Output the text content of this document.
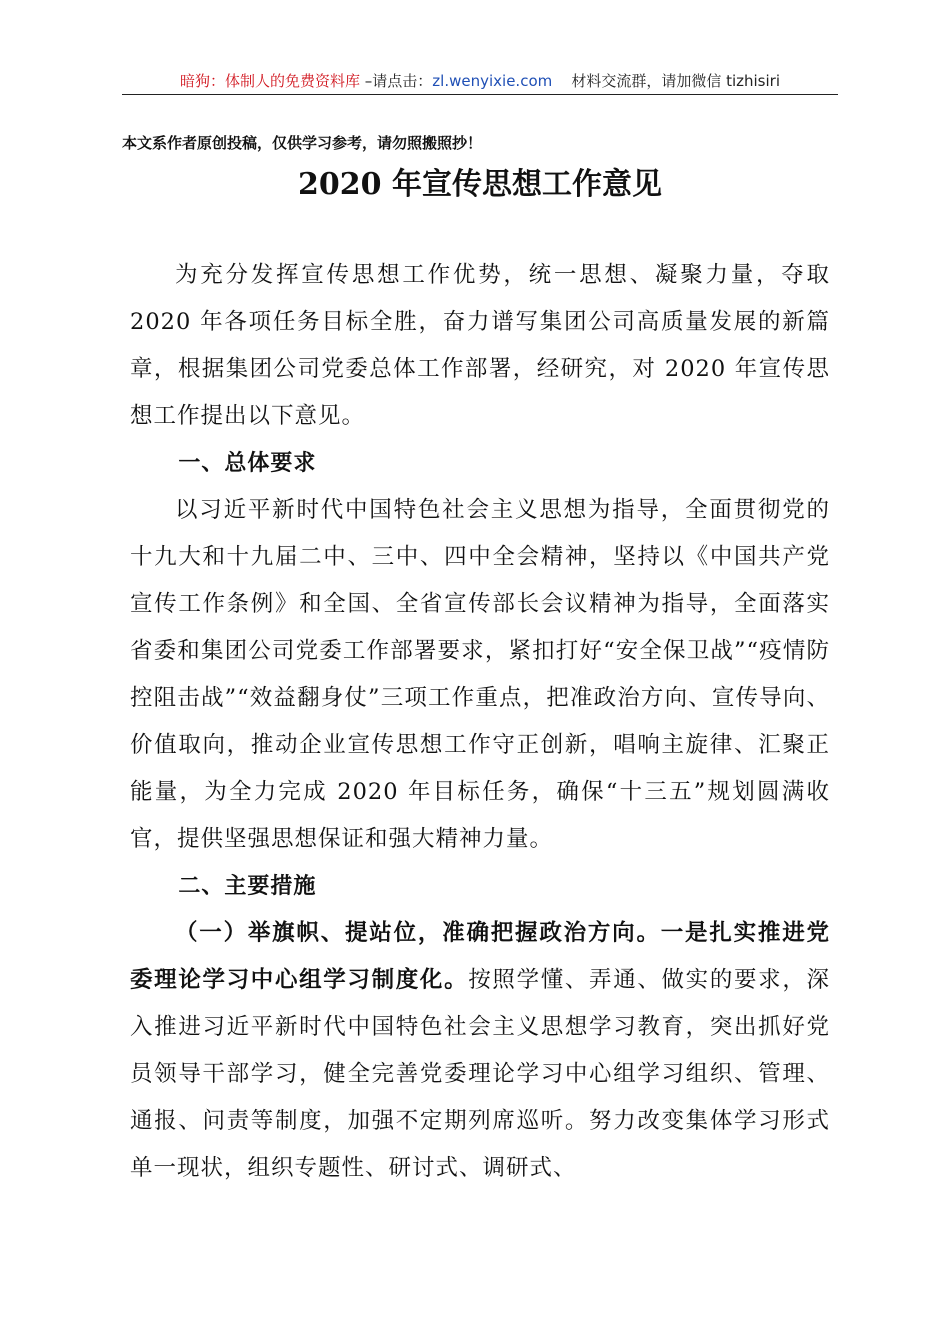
暗狗：体制人的免费资料库 –请点击：zl.wenyixie.com 材料交流群，请加微信 tizhisiri
本文系作者原创投稿，仅供学习参考，请勿照搬照抄！
2020 年宣传思想工作意见

为充分发挥宣传思想工作优势，统一思想、凝聚力量，夺取 2020 年各项任务目标全胜，奋力谱写集团公司高质量发展的新篇章，根据集团公司党委总体工作部署，经研究，对 2020 年宣传思想工作提出以下意见。

一、总体要求

以习近平新时代中国特色社会主义思想为指导，全面贯彻党的十九大和十九届二中、三中、四中全会精神，坚持以《中国共产党宣传工作条例》和全国、全省宣传部长会议精神为指导，全面落实省委和集团公司党委工作部署要求，紧扣打好“安全保卫战”“疫情防控阻击战”“效益翻身仗”三项工作重点，把准政治方向、宣传导向、价值取向，推动企业宣传思想工作守正创新，唱响主旋律、汇聚正能量，为全力完成 2020 年目标任务，确保“十三五”规划圆满收官，提供坚强思想保证和强大精神力量。

二、主要措施

（一）举旗帜、提站位，准确把握政治方向。一是扎实推进党委理论学习中心组学习制度化。按照学懂、弄通、做实的要求，深入推进习近平新时代中国特色社会主义思想学习教育，突出抓好党员领导干部学习，健全完善党委理论学习中心组学习组织、管理、通报、问责等制度，加强不定期列席巡听。努力改变集体学习形式单一现状，组织专题性、研讨式、调研式、
